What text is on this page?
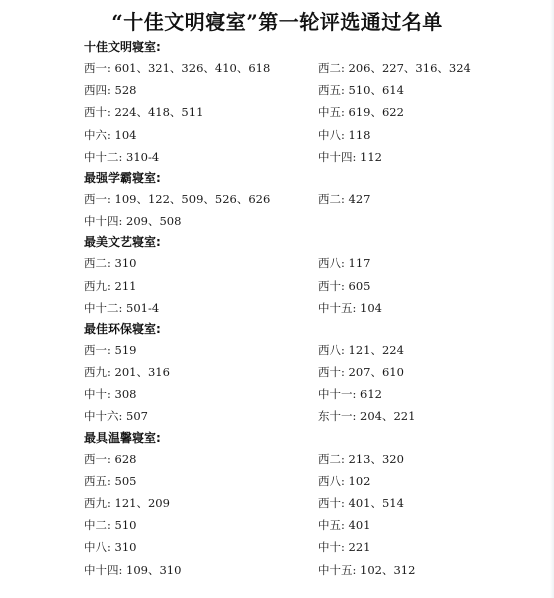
“十佳文明寝室”第一轮评选通过名单
十佳文明寝室:
西一: 601、321、326、410、618	西二: 206、227、316、324
西四: 528	西五: 510、614
西十: 224、418、511	中五: 619、622
中六: 104	中八: 118
中十二: 310-4	中十四: 112
最强学霸寝室:
西一: 109、122、509、526、626	西二: 427
中十四: 209、508
最美文艺寝室:
西二: 310	西八: 117
西九: 211	西十: 605
中十二: 501-4	中十五: 104
最佳环保寝室:
西一: 519	西八: 121、224
西九: 201、316	西十: 207、610
中十: 308	中十一: 612
中十六: 507	东十一: 204、221
最具温馨寝室:
西一: 628	西二: 213、320
西五: 505	西八: 102
西九: 121、209	西十: 401、514
中二: 510	中五: 401
中八: 310	中十: 221
中十四: 109、310	中十五: 102、312
